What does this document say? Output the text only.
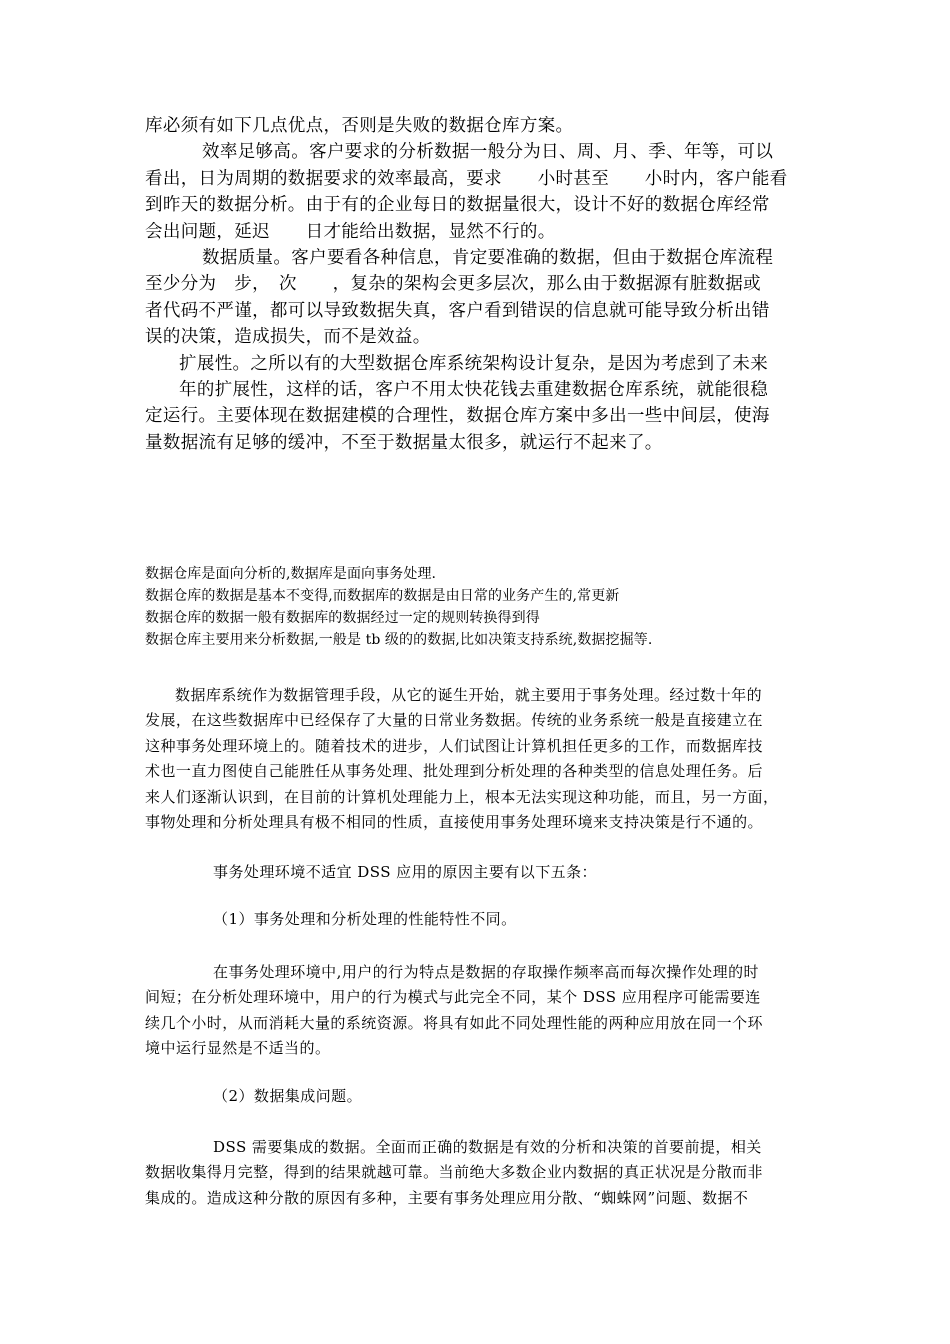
库必须有如下几点优点，否则是失败的数据仓库方案。

效率足够高。客户要求的分析数据一般分为日、周、月、季、年等，可以

看出，日为周期的数据要求的效率最高，要求　　小时甚至　　小时内，客户能看

到昨天的数据分析。由于有的企业每日的数据量很大，设计不好的数据仓库经常

会出问题，延迟　　日才能给出数据，显然不行的。

数据质量。客户要看各种信息，肯定要准确的数据，但由于数据仓库流程

至少分为　步，　次　　，复杂的架构会更多层次，那么由于数据源有脏数据或

者代码不严谨，都可以导致数据失真，客户看到错误的信息就可能导致分析出错

误的决策，造成损失，而不是效益。

扩展性。之所以有的大型数据仓库系统架构设计复杂，是因为考虑到了未来

年的扩展性，这样的话，客户不用太快花钱去重建数据仓库系统，就能很稳

定运行。主要体现在数据建模的合理性，数据仓库方案中多出一些中间层，使海

量数据流有足够的缓冲，不至于数据量太很多，就运行不起来了。

数据仓库是面向分析的,数据库是面向事务处理.

数据仓库的数据是基本不变得,而数据库的数据是由日常的业务产生的,常更新

数据仓库的数据一般有数据库的数据经过一定的规则转换得到得

数据仓库主要用来分析数据,一般是 tb 级的的数据,比如决策支持系统,数据挖掘等.

数据库系统作为数据管理手段，从它的诞生开始，就主要用于事务处理。经过数十年的

发展，在这些数据库中已经保存了大量的日常业务数据。传统的业务系统一般是直接建立在

这种事务处理环境上的。随着技术的进步，人们试图让计算机担任更多的工作，而数据库技

术也一直力图使自己能胜任从事务处理、批处理到分析处理的各种类型的信息处理任务。后

来人们逐渐认识到，在目前的计算机处理能力上，根本无法实现这种功能，而且，另一方面，

事物处理和分析处理具有极不相同的性质，直接使用事务处理环境来支持决策是行不通的。

事务处理环境不适宜 DSS 应用的原因主要有以下五条：

（1）事务处理和分析处理的性能特性不同。

在事务处理环境中,用户的行为特点是数据的存取操作频率高而每次操作处理的时

间短；在分析处理环境中，用户的行为模式与此完全不同，某个 DSS 应用程序可能需要连

续几个小时，从而消耗大量的系统资源。将具有如此不同处理性能的两种应用放在同一个环

境中运行显然是不适当的。

（2）数据集成问题。

DSS 需要集成的数据。全面而正确的数据是有效的分析和决策的首要前提，相关

数据收集得月完整，得到的结果就越可靠。当前绝大多数企业内数据的真正状况是分散而非

集成的。造成这种分散的原因有多种，主要有事务处理应用分散、“蜘蛛网”问题、数据不
